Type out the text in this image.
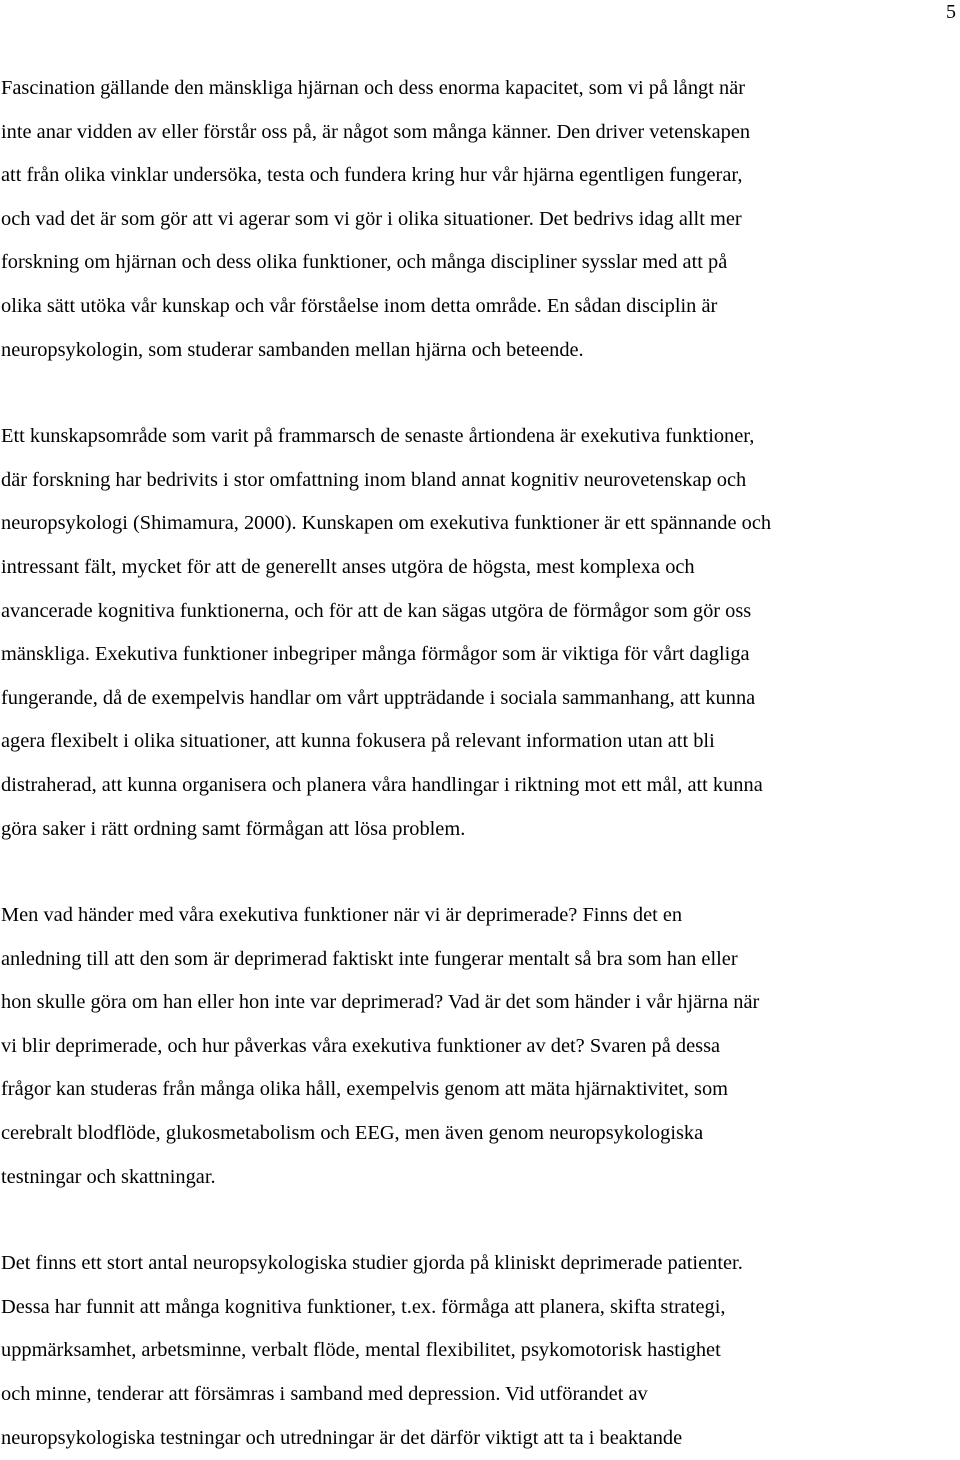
5

Fascination gällande den mänskliga hjärnan och dess enorma kapacitet, som vi på långt när
inte anar vidden av eller förstår oss på, är något som många känner. Den driver vetenskapen
att från olika vinklar undersöka, testa och fundera kring hur vår hjärna egentligen fungerar,
och vad det är som gör att vi agerar som vi gör i olika situationer. Det bedrivs idag allt mer
forskning om hjärnan och dess olika funktioner, och många discipliner sysslar med att på
olika sätt utöka vår kunskap och vår förståelse inom detta område. En sådan disciplin är
neuropsykologin, som studerar sambanden mellan hjärna och beteende.

Ett kunskapsområde som varit på frammarsch de senaste årtiondena är exekutiva funktioner,
där forskning har bedrivits i stor omfattning inom bland annat kognitiv neurovetenskap och
neuropsykologi (Shimamura, 2000). Kunskapen om exekutiva funktioner är ett spännande och
intressant fält, mycket för att de generellt anses utgöra de högsta, mest komplexa och
avancerade kognitiva funktionerna, och för att de kan sägas utgöra de förmågor som gör oss
mänskliga. Exekutiva funktioner inbegriper många förmågor som är viktiga för vårt dagliga
fungerande, då de exempelvis handlar om vårt uppträdande i sociala sammanhang, att kunna
agera flexibelt i olika situationer, att kunna fokusera på relevant information utan att bli
distraherad, att kunna organisera och planera våra handlingar i riktning mot ett mål, att kunna
göra saker i rätt ordning samt förmågan att lösa problem.

Men vad händer med våra exekutiva funktioner när vi är deprimerade? Finns det en
anledning till att den som är deprimerad faktiskt inte fungerar mentalt så bra som han eller
hon skulle göra om han eller hon inte var deprimerad? Vad är det som händer i vår hjärna när
vi blir deprimerade, och hur påverkas våra exekutiva funktioner av det? Svaren på dessa
frågor kan studeras från många olika håll, exempelvis genom att mäta hjärnaktivitet, som
cerebralt blodflöde, glukosmetabolism och EEG, men även genom neuropsykologiska
testningar och skattningar.

Det finns ett stort antal neuropsykologiska studier gjorda på kliniskt deprimerade patienter.
Dessa har funnit att många kognitiva funktioner, t.ex. förmåga att planera, skifta strategi,
uppmärksamhet, arbetsminne, verbalt flöde, mental flexibilitet, psykomotorisk hastighet
och minne, tenderar att försämras i samband med depression. Vid utförandet av
neuropsykologiska testningar och utredningar är det därför viktigt att ta i beaktande
